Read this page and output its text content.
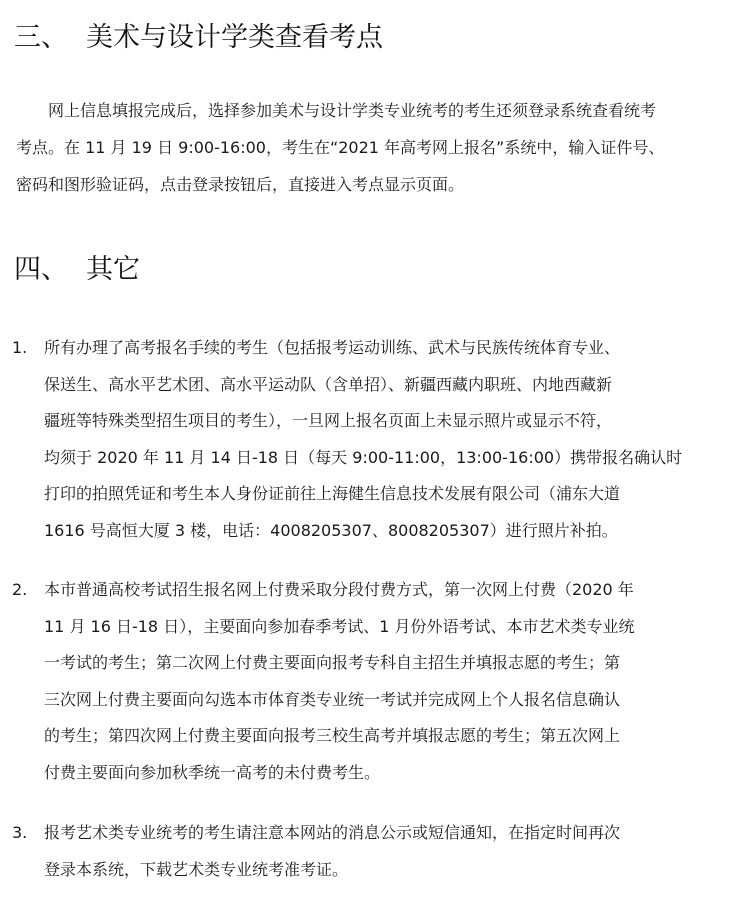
三、 美术与设计学类查看考点
网上信息填报完成后，选择参加美术与设计学类专业统考的考生还须登录系统查看统考
考点。在 11 月 19 日 9:00-16:00，考生在“2021 年高考网上报名”系统中，输入证件号、
密码和图形验证码，点击登录按钮后，直接进入考点显示页面。
四、 其它
1.	所有办理了高考报名手续的考生（包括报考运动训练、武术与民族传统体育专业、
保送生、高水平艺术团、高水平运动队（含单招）、新疆西藏内职班、内地西藏新
疆班等特殊类型招生项目的考生），一旦网上报名页面上未显示照片或显示不符，
均须于 2020 年 11 月 14 日-18 日（每天 9:00-11:00，13:00-16:00）携带报名确认时
打印的拍照凭证和考生本人身份证前往上海健生信息技术发展有限公司（浦东大道
1616 号高恒大厦 3 楼，电话：4008205307、8008205307）进行照片补拍。
2.	本市普通高校考试招生报名网上付费采取分段付费方式，第一次网上付费（2020 年
11 月 16 日-18 日），主要面向参加春季考试、1 月份外语考试、本市艺术类专业统
一考试的考生；第二次网上付费主要面向报考专科自主招生并填报志愿的考生；第
三次网上付费主要面向勾选本市体育类专业统一考试并完成网上个人报名信息确认
的考生；第四次网上付费主要面向报考三校生高考并填报志愿的考生；第五次网上
付费主要面向参加秋季统一高考的未付费考生。
3.	报考艺术类专业统考的考生请注意本网站的消息公示或短信通知，在指定时间再次
登录本系统，下载艺术类专业统考准考证。
